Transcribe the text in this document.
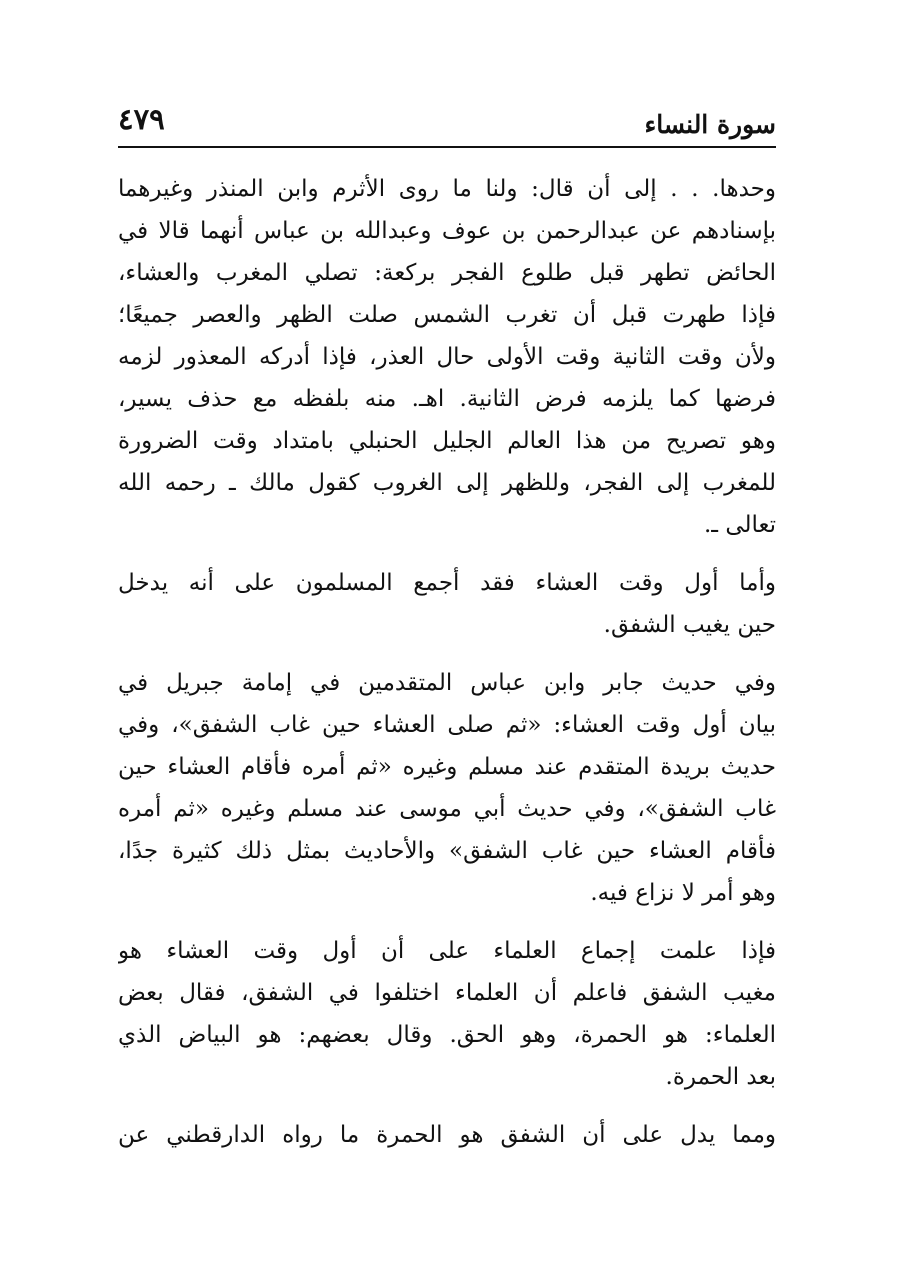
سورة النساء
٤٧٩
وحدها. . . إلى أن قال: ولنا ما روى الأثرم وابن المنذر وغيرهما
بإسنادهم عن عبدالرحمن بن عوف وعبدالله بن عباس أنهما قالا في
الحائض تطهر قبل طلوع الفجر بركعة: تصلي المغرب والعشاء،
فإذا طهرت قبل أن تغرب الشمس صلت الظهر والعصر جميعًا؛
ولأن وقت الثانية وقت الأولى حال العذر، فإذا أدركه المعذور لزمه
فرضها كما يلزمه فرض الثانية. اهـ. منه بلفظه مع حذف يسير،
وهو تصريح من هذا العالم الجليل الحنبلي بامتداد وقت الضرورة
للمغرب إلى الفجر، وللظهر إلى الغروب كقول مالك ـ رحمه الله
تعالى ـ.
وأما أول وقت العشاء فقد أجمع المسلمون على أنه يدخل
حين يغيب الشفق.
وفي حديث جابر وابن عباس المتقدمين في إمامة جبريل في
بيان أول وقت العشاء: «ثم صلى العشاء حين غاب الشفق»، وفي
حديث بريدة المتقدم عند مسلم وغيره «ثم أمره فأقام العشاء حين
غاب الشفق»، وفي حديث أبي موسى عند مسلم وغيره «ثم أمره
فأقام العشاء حين غاب الشفق» والأحاديث بمثل ذلك كثيرة جدًا،
وهو أمر لا نزاع فيه.
فإذا علمت إجماع العلماء على أن أول وقت العشاء هو
مغيب الشفق فاعلم أن العلماء اختلفوا في الشفق، فقال بعض
العلماء: هو الحمرة، وهو الحق. وقال بعضهم: هو البياض الذي
بعد الحمرة.
ومما يدل على أن الشفق هو الحمرة ما رواه الدارقطني عن
